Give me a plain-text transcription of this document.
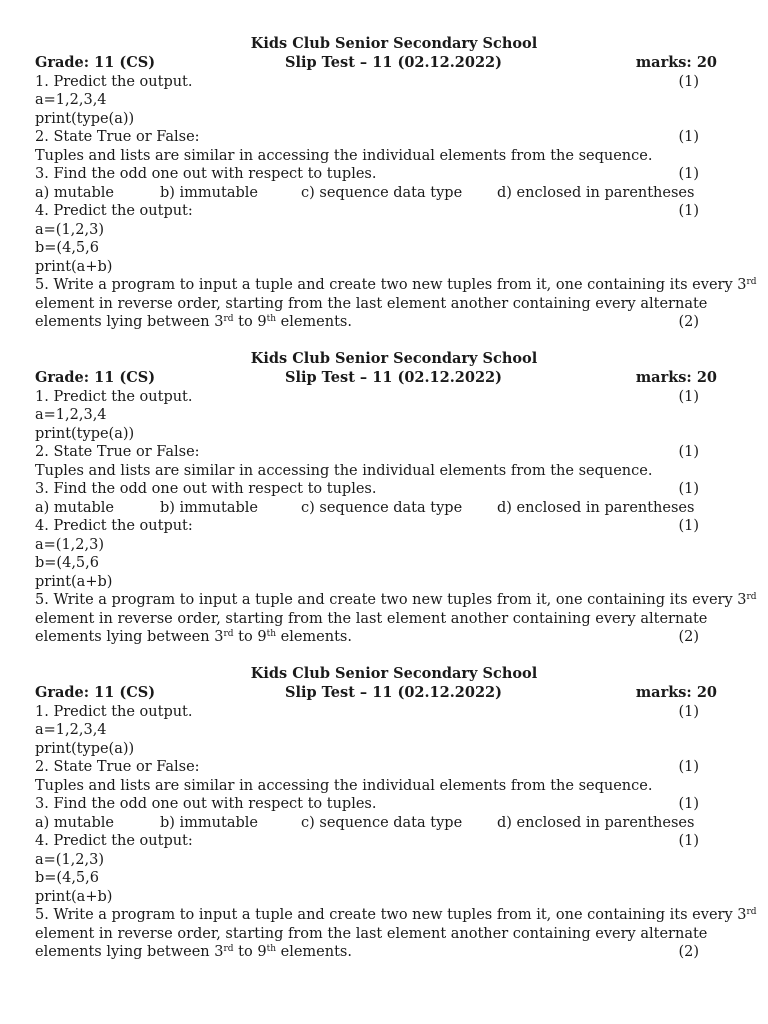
Kids Club Senior Secondary School
Grade: 11 (CS)	Slip Test – 11 (02.12.2022)	marks: 20
1. Predict the output.	(1)
a=1,2,3,4
print(type(a))
2. State True or False:	(1)
Tuples and lists are similar in accessing the individual elements from the sequence.
3. Find the odd one out with respect to tuples.	(1)
a) mutable	b) immutable	c) sequence data type d) enclosed in parentheses
4. Predict the output:	(1)
a=(1,2,3)
b=(4,5,6
print(a+b)
5. Write a program to input a tuple and create two new tuples from it, one containing its every 3rd
element in reverse order, starting from the last element another containing every alternate
elements lying between 3rd to 9th elements.	(2)
Kids Club Senior Secondary School
Grade: 11 (CS)	Slip Test – 11 (02.12.2022)	marks: 20
1. Predict the output.	(1)
a=1,2,3,4
print(type(a))
2. State True or False:	(1)
Tuples and lists are similar in accessing the individual elements from the sequence.
3. Find the odd one out with respect to tuples.	(1)
a) mutable	b) immutable	c) sequence data type d) enclosed in parentheses
4. Predict the output:	(1)
a=(1,2,3)
b=(4,5,6
print(a+b)
5. Write a program to input a tuple and create two new tuples from it, one containing its every 3rd
element in reverse order, starting from the last element another containing every alternate
elements lying between 3rd to 9th elements.	(2)
Kids Club Senior Secondary School
Grade: 11 (CS)	Slip Test – 11 (02.12.2022)	marks: 20
1. Predict the output.	(1)
a=1,2,3,4
print(type(a))
2. State True or False:	(1)
Tuples and lists are similar in accessing the individual elements from the sequence.
3. Find the odd one out with respect to tuples.	(1)
a) mutable	b) immutable	c) sequence data type d) enclosed in parentheses
4. Predict the output:	(1)
a=(1,2,3)
b=(4,5,6
print(a+b)
5. Write a program to input a tuple and create two new tuples from it, one containing its every 3rd
element in reverse order, starting from the last element another containing every alternate
elements lying between 3rd to 9th elements.	(2)
